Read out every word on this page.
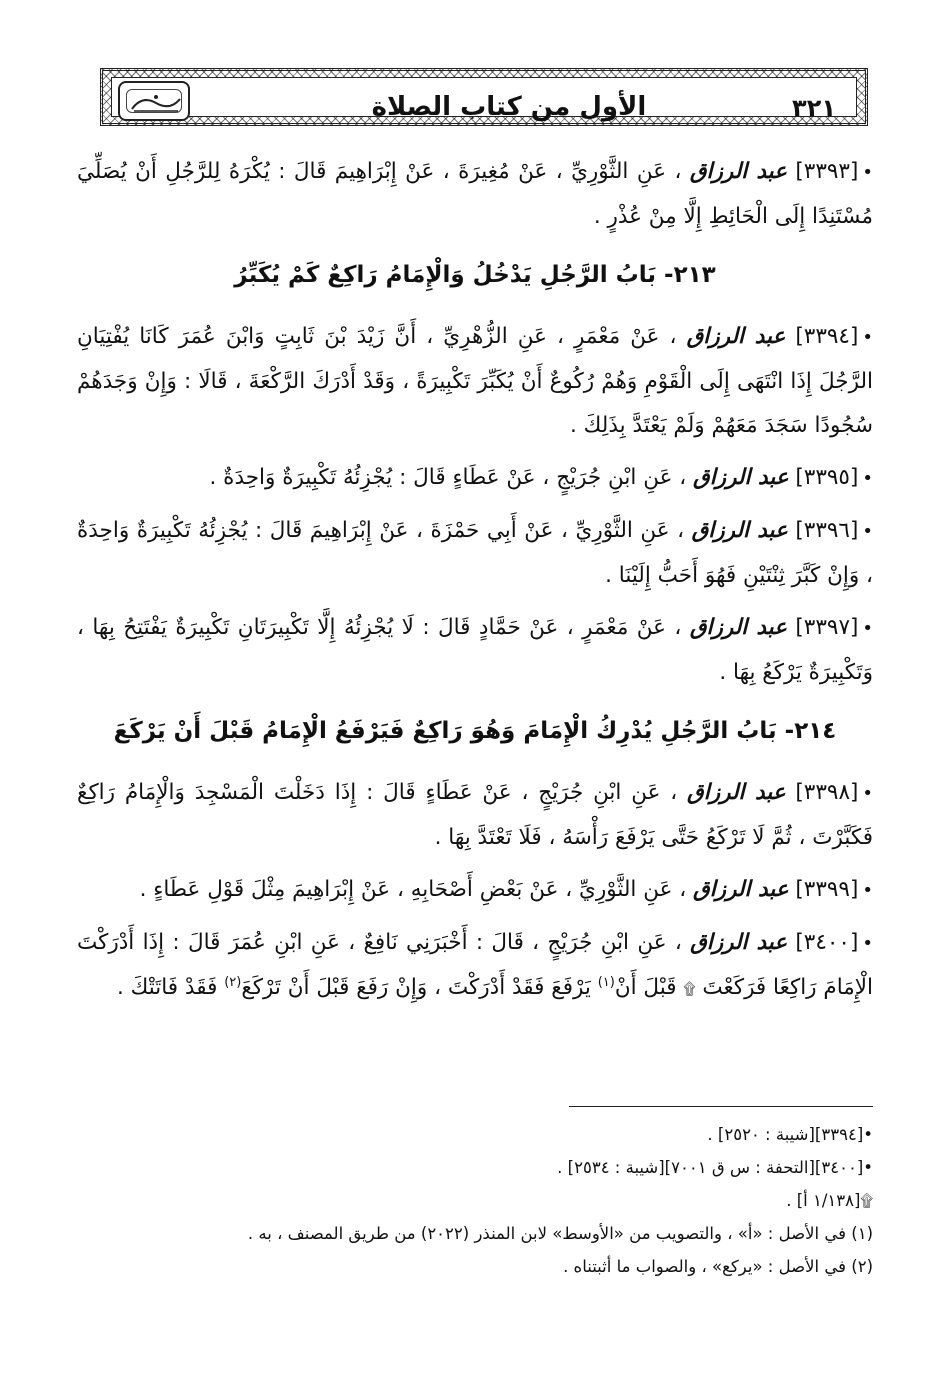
٣٢١
الأول من كتاب الصلاة

•[٣٣٩٣] عبد الرزاق ، عَنِ الثَّوْرِيِّ ، عَنْ مُغِيرَةَ ، عَنْ إِبْرَاهِيمَ قَالَ : يُكْرَهُ لِلرَّجُلِ أَنْ يُصَلِّيَ مُسْتَنِدًا إِلَى الْحَائِطِ إِلَّا مِنْ عُذْرٍ .

٢١٣- بَابُ الرَّجُلِ يَدْخُلُ وَالْإِمَامُ رَاكِعٌ كَمْ يُكَبِّرُ

•[٣٣٩٤] عبد الرزاق ، عَنْ مَعْمَرٍ ، عَنِ الزُّهْرِيِّ ، أَنَّ زَيْدَ بْنَ ثَابِتٍ وَابْنَ عُمَرَ كَانَا يُفْتِيَانِ الرَّجُلَ إِذَا انْتَهَى إِلَى الْقَوْمِ وَهُمْ رُكُوعٌ أَنْ يُكَبِّرَ تَكْبِيرَةً ، وَقَدْ أَدْرَكَ الرَّكْعَةَ ، قَالَا : وَإِنْ وَجَدَهُمْ سُجُودًا سَجَدَ مَعَهُمْ وَلَمْ يَعْتَدَّ بِذَلِكَ .

•[٣٣٩٥] عبد الرزاق ، عَنِ ابْنِ جُرَيْجٍ ، عَنْ عَطَاءٍ قَالَ : يُجْزِئُهُ تَكْبِيرَةٌ وَاحِدَةٌ .

•[٣٣٩٦] عبد الرزاق ، عَنِ الثَّوْرِيِّ ، عَنْ أَبِي حَمْزَةَ ، عَنْ إِبْرَاهِيمَ قَالَ : يُجْزِئُهُ تَكْبِيرَةٌ وَاحِدَةٌ ، وَإِنْ كَبَّرَ ثِنْتَيْنِ فَهُوَ أَحَبُّ إِلَيْنَا .

•[٣٣٩٧] عبد الرزاق ، عَنْ مَعْمَرٍ ، عَنْ حَمَّادٍ قَالَ : لَا يُجْزِئُهُ إِلَّا تَكْبِيرَتَانِ تَكْبِيرَةٌ يَفْتَتِحُ بِهَا ، وَتَكْبِيرَةٌ يَرْكَعُ بِهَا .

٢١٤- بَابُ الرَّجُلِ يُدْرِكُ الْإِمَامَ وَهُوَ رَاكِعٌ فَيَرْفَعُ الْإِمَامُ قَبْلَ أَنْ يَرْكَعَ

•[٣٣٩٨] عبد الرزاق ، عَنِ ابْنِ جُرَيْجٍ ، عَنْ عَطَاءٍ قَالَ : إِذَا دَخَلْتَ الْمَسْجِدَ وَالْإِمَامُ رَاكِعٌ فَكَبَّرْتَ ، ثُمَّ لَا تَرْكَعُ حَتَّى يَرْفَعَ رَأْسَهُ ، فَلَا تَعْتَدَّ بِهَا .

•[٣٣٩٩] عبد الرزاق ، عَنِ الثَّوْرِيِّ ، عَنْ بَعْضِ أَصْحَابِهِ ، عَنْ إِبْرَاهِيمَ مِثْلَ قَوْلِ عَطَاءٍ .

•[٣٤٠٠] عبد الرزاق ، عَنِ ابْنِ جُرَيْجٍ ، قَالَ : أَخْبَرَنِي نَافِعٌ ، عَنِ ابْنِ عُمَرَ قَالَ : إِذَا أَدْرَكْتَ الْإِمَامَ رَاكِعًا فَرَكَعْتَ ۩ قَبْلَ أَنْ$^{(١)}$ يَرْفَعَ فَقَدْ أَدْرَكْتَ ، وَإِنْ رَفَعَ قَبْلَ أَنْ تَرْكَعَ$^{(٢)}$ فَقَدْ فَاتَتْكَ .

•[٣٣٩٤][شيبة : ٢٥٢٠] .

•[٣٤٠٠][التحفة : س ق ٧٠٠١][شيبة : ٢٥٣٤] .

۩[١/١٣٨ أ] .

(١) في الأصل : «أ» ، والتصويب من «الأوسط» لابن المنذر (٢٠٢٢) من طريق المصنف ، به .

(٢) في الأصل : «يركع» ، والصواب ما أثبتناه .
